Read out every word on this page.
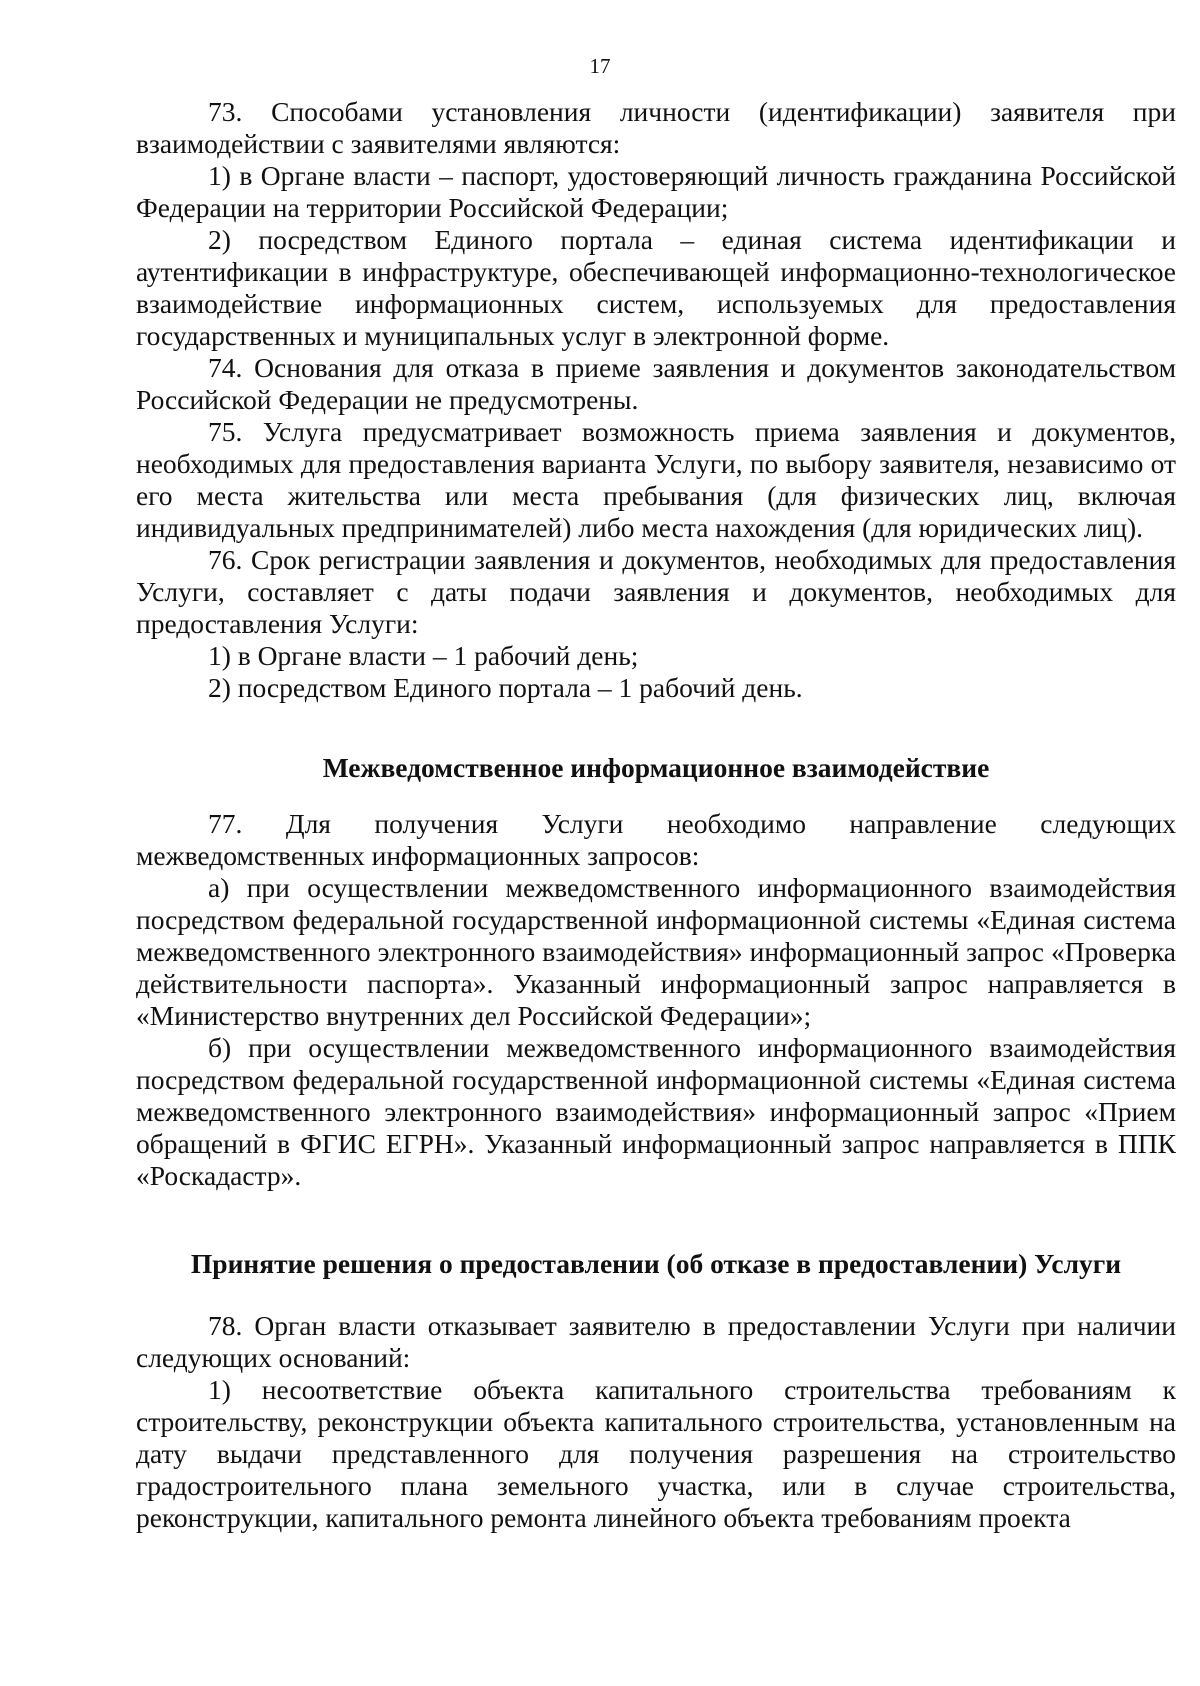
17

73. Способами установления личности (идентификации) заявителя при взаимодействии с заявителями являются:

1) в Органе власти – паспорт, удостоверяющий личность гражданина Российской Федерации на территории Российской Федерации;

2) посредством Единого портала – единая система идентификации и аутентификации в инфраструктуре, обеспечивающей информационно-технологическое взаимодействие информационных систем, используемых для предоставления государственных и муниципальных услуг в электронной форме.

74. Основания для отказа в приеме заявления и документов законодательством Российской Федерации не предусмотрены.

75. Услуга предусматривает возможность приема заявления и документов, необходимых для предоставления варианта Услуги, по выбору заявителя, независимо от его места жительства или места пребывания (для физических лиц, включая индивидуальных предпринимателей) либо места нахождения (для юридических лиц).

76. Срок регистрации заявления и документов, необходимых для предоставления Услуги, составляет с даты подачи заявления и документов, необходимых для предоставления Услуги:

1) в Органе власти – 1 рабочий день;

2) посредством Единого портала – 1 рабочий день.

Межведомственное информационное взаимодействие

77. Для получения Услуги необходимо направление следующих межведомственных информационных запросов:

а) при осуществлении межведомственного информационного взаимодействия посредством федеральной государственной информационной системы «Единая система межведомственного электронного взаимодействия» информационный запрос «Проверка действительности паспорта». Указанный информационный запрос направляется в «Министерство внутренних дел Российской Федерации»;

б) при осуществлении межведомственного информационного взаимодействия посредством федеральной государственной информационной системы «Единая система межведомственного электронного взаимодействия» информационный запрос «Прием обращений в ФГИС ЕГРН». Указанный информационный запрос направляется в ППК «Роскадастр».

Принятие решения о предоставлении (об отказе в предоставлении) Услуги

78. Орган власти отказывает заявителю в предоставлении Услуги при наличии следующих оснований:

1) несоответствие объекта капитального строительства требованиям к строительству, реконструкции объекта капитального строительства, установленным на дату выдачи представленного для получения разрешения на строительство градостроительного плана земельного участка, или в случае строительства, реконструкции, капитального ремонта линейного объекта требованиям проекта
